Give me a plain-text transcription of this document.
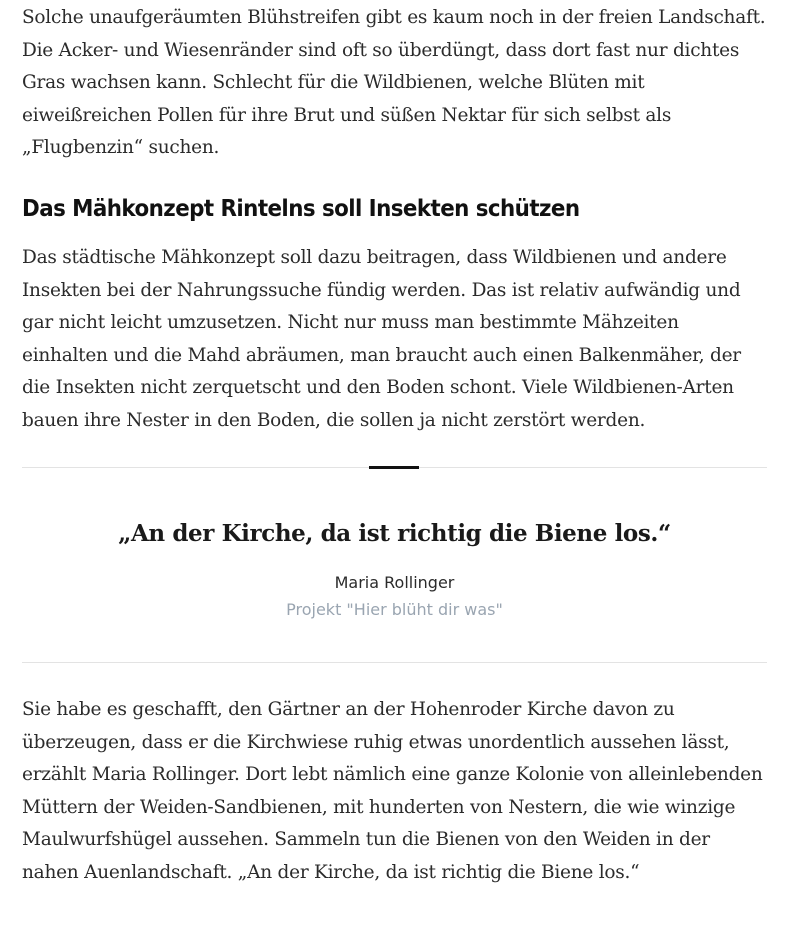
Solche unaufgeräumten Blühstreifen gibt es kaum noch in der freien Landschaft. Die Acker- und Wiesenränder sind oft so überdüngt, dass dort fast nur dichtes Gras wachsen kann. Schlecht für die Wildbienen, welche Blüten mit eiweißreichen Pollen für ihre Brut und süßen Nektar für sich selbst als „Flugbenzin“ suchen.

Das Mähkonzept Rintelns soll Insekten schützen

Das städtische Mähkonzept soll dazu beitragen, dass Wildbienen und andere Insekten bei der Nahrungssuche fündig werden. Das ist relativ aufwändig und gar nicht leicht umzusetzen. Nicht nur muss man bestimmte Mähzeiten einhalten und die Mahd abräumen, man braucht auch einen Balkenmäher, der die Insekten nicht zerquetscht und den Boden schont. Viele Wildbienen-Arten bauen ihre Nester in den Boden, die sollen ja nicht zerstört werden.

„An der Kirche, da ist richtig die Biene los.“

Maria Rollinger

Projekt "Hier blüht dir was"

Sie habe es geschafft, den Gärtner an der Hohenroder Kirche davon zu überzeugen, dass er die Kirchwiese ruhig etwas unordentlich aussehen lässt, erzählt Maria Rollinger. Dort lebt nämlich eine ganze Kolonie von alleinlebenden Müttern der Weiden-Sandbienen, mit hunderten von Nestern, die wie winzige Maulwurfshügel aussehen. Sammeln tun die Bienen von den Weiden in der nahen Auenlandschaft. „An der Kirche, da ist richtig die Biene los.“
